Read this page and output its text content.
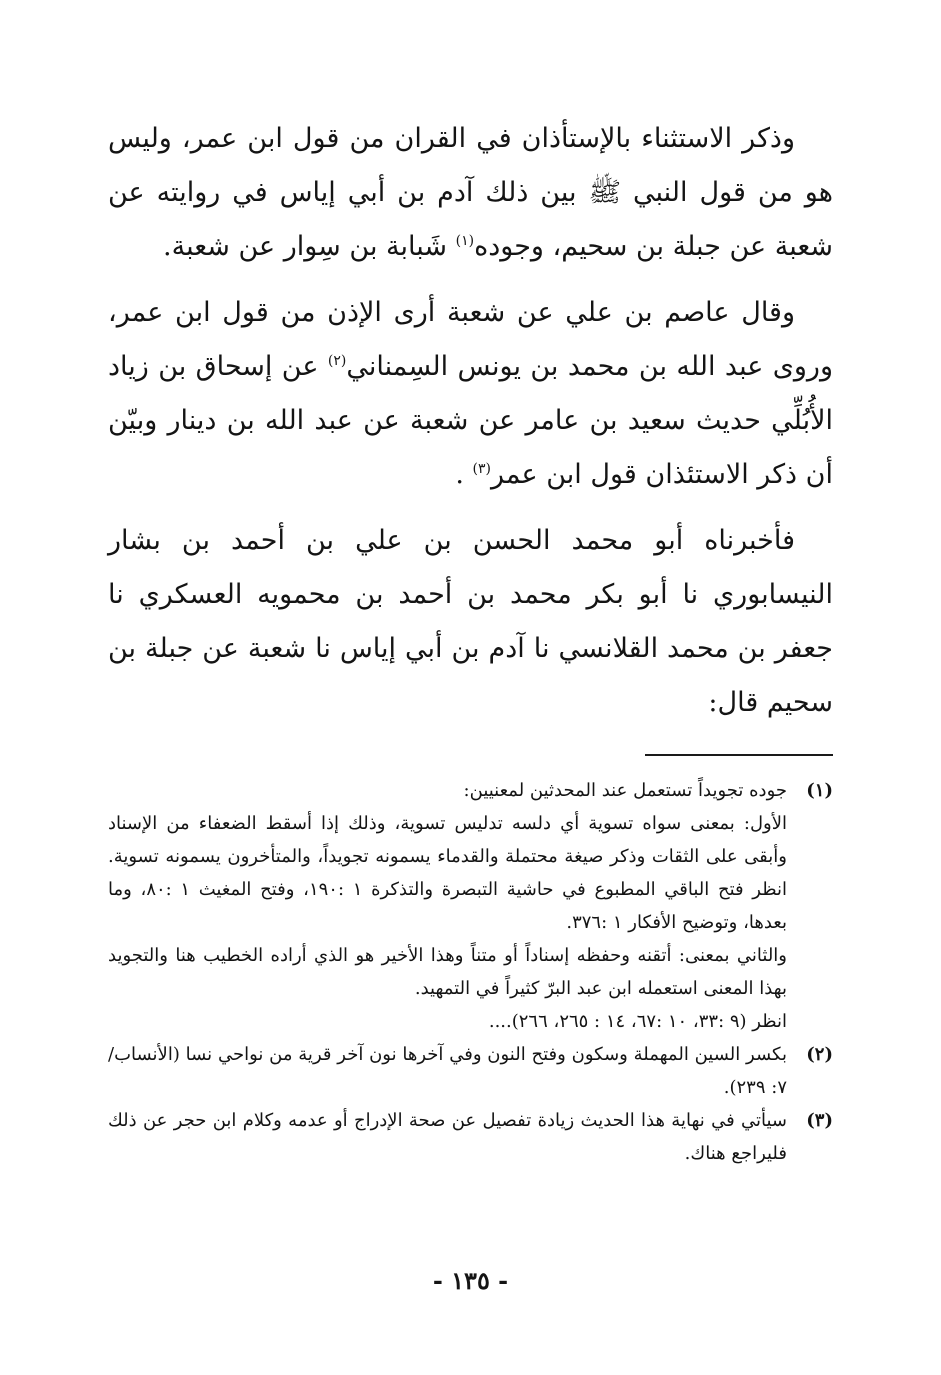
وذكر الاستثناء بالإستأذان في القران من قول ابن عمر، وليس هو من قول النبي ﷺ بين ذلك آدم بن أبي إياس في روايته عن شعبة عن جبلة بن سحيم، وجوده$^{(١)}$ شَبابة بن سِوار عن شعبة.

وقال عاصم بن علي عن شعبة أرى الإذن من قول ابن عمر، وروى عبد الله بن محمد بن يونس السِمناني$^{(٢)}$ عن إسحاق بن زياد الأُبُلِّي حديث سعيد بن عامر عن شعبة عن عبد الله بن دينار وبيّن أن ذكر الاستئذان قول ابن عمر$^{(٣)}$ .

فأخبرناه أبو محمد الحسن بن علي بن أحمد بن بشار النيسابوري نا أبو بكر محمد بن أحمد بن محمويه العسكري نا جعفر بن محمد القلانسي نا آدم بن أبي إياس نا شعبة عن جبلة بن سحيم قال:

(١)
جوده تجويداً تستعمل عند المحدثين لمعنيين:
الأول: بمعنى سواه تسوية أي دلسه تدليس تسوية، وذلك إذا أسقط الضعفاء من الإسناد وأبقى على الثقات وذكر صيغة محتملة والقدماء يسمونه تجويداً، والمتأخرون يسمونه تسوية. انظر فتح الباقي المطبوع في حاشية التبصرة والتذكرة ١ :١٩٠، وفتح المغيث ١ :٨٠، وما بعدها، وتوضيح الأفكار ١ :٣٧٦.
والثاني بمعنى: أتقنه وحفظه إسناداً أو متناً وهذا الأخير هو الذي أراده الخطيب هنا والتجويد بهذا المعنى استعمله ابن عبد البرّ كثيراً في التمهيد.
انظر (٩ :٣٣، ١٠ :٦٧، ١٤ : ٢٦٥، ٢٦٦)....
(٢)
بكسر السين المهملة وسكون وفتح النون وفي آخرها نون آخر قرية من نواحي نسا (الأنساب/ ٧: ٢٣٩).
(٣)
سيأتي في نهاية هذا الحديث زيادة تفصيل عن صحة الإدراج أو عدمه وكلام ابن حجر عن ذلك فليراجع هناك.
- ١٣٥ -
